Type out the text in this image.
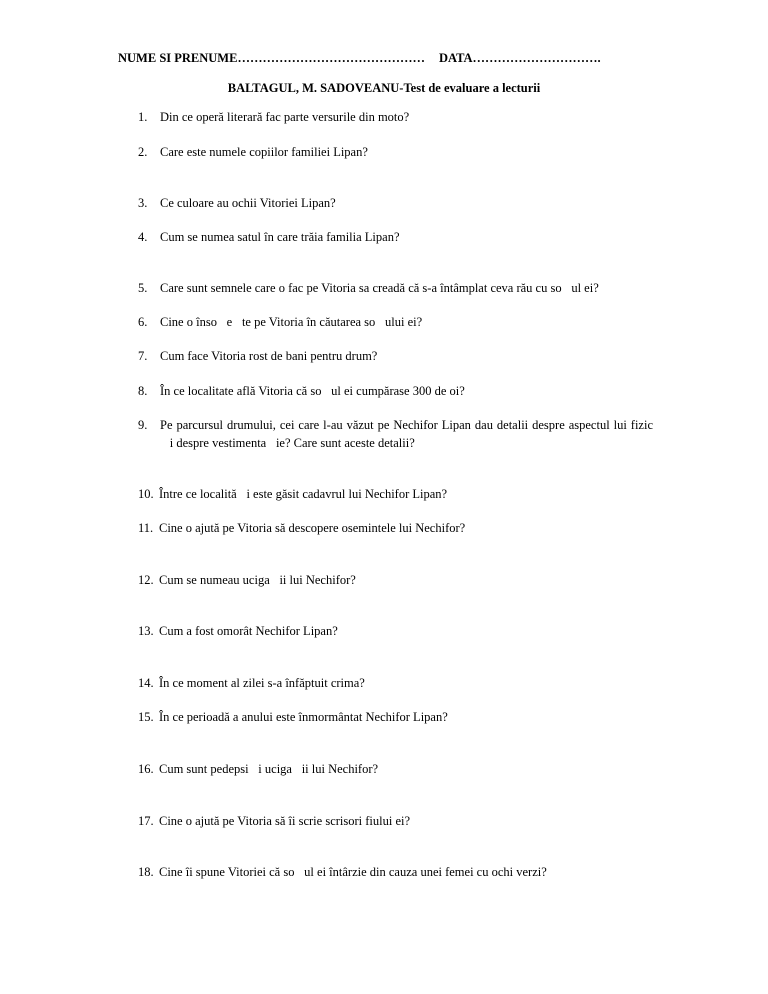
NUME SI PRENUME……………………………………… DATA………………………….
BALTAGUL, M. SADOVEANU-Test de evaluare a lecturii
1.	Din ce operă literară fac parte versurile din moto?
2.	Care este numele copiilor familiei Lipan?
3.	Ce culoare au ochii Vitoriei Lipan?
4.	Cum se numea satul în care trăia familia Lipan?
5.	Care sunt semnele care o fac pe Vitoria sa creadă că s-a întâmplat ceva rău cu so ul ei?
6.	Cine o înso e te pe Vitoria în căutarea so ului ei?
7.	Cum face Vitoria rost de bani pentru drum?
8.	În ce localitate află Vitoria că so ul ei cumpărase 300 de oi?
9.	Pe parcursul drumului, cei care l-au văzut pe Nechifor Lipan dau detalii despre aspectul lui fizic i despre vestimenta ie? Care sunt aceste detalii?
10. Între ce localită i este găsit cadavrul lui Nechifor Lipan?
11. Cine o ajută pe Vitoria să descopere osemintele lui Nechifor?
12. Cum se numeau uciga ii lui Nechifor?
13. Cum a fost omorât Nechifor Lipan?
14. În ce moment al zilei s-a înfăptuit crima?
15. În ce perioadă a anului este înmormântat Nechifor Lipan?
16. Cum sunt pedepsi i uciga ii lui Nechifor?
17. Cine o ajută pe Vitoria să îi scrie scrisori fiului ei?
18. Cine îi spune Vitoriei că so ul ei întârzie din cauza unei femei cu ochi verzi?
